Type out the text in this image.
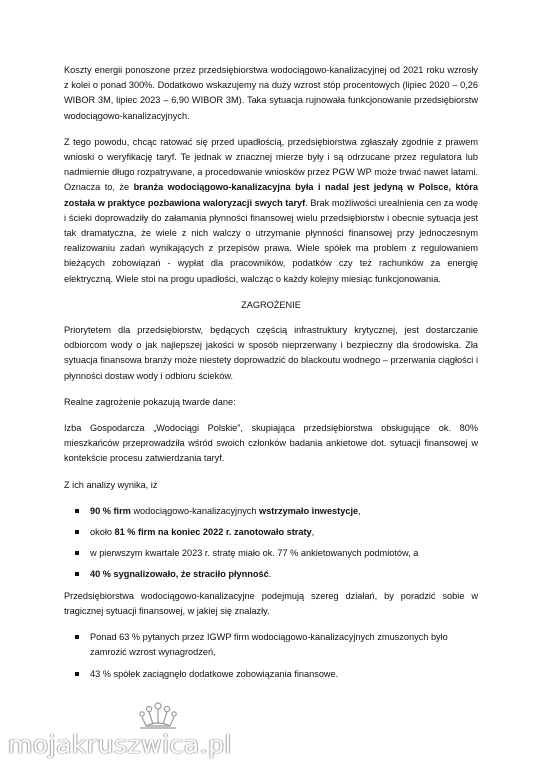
Koszty energii ponoszone przez przedsiębiorstwa wodociągowo-kanalizacyjnej od 2021 roku wzrosły z kolei o ponad 300%. Dodatkowo wskazujemy na duży wzrost stóp procentowych (lipiec 2020 – 0,26 WIBOR 3M, lipiec 2023 – 6,90 WIBOR 3M). Taka sytuacja rujnowała funkcjonowanie przedsiębiorstw wodociągowo-kanalizacyjnych.

Z tego powodu, chcąc ratować się przed upadłością, przedsiębiorstwa zgłaszały zgodnie z prawem wnioski o weryfikację taryf. Te jednak w znacznej mierze były i są odrzucane przez regulatora lub nadmiernie długo rozpatrywane, a procedowanie wniosków przez PGW WP może trwać nawet latami. Oznacza to, że branża wodociągowo-kanalizacyjna była i nadal jest jedyną w Polsce, która została w praktyce pozbawiona waloryzacji swych taryf. Brak możliwości urealnienia cen za wodę i ścieki doprowadziły do załamania płynności finansowej wielu przedsiębiorstw i obecnie sytuacja jest tak dramatyczna, że wiele z nich walczy o utrzymanie płynności finansowej przy jednoczesnym realizowaniu zadań wynikających z przepisów prawa. Wiele spółek ma problem z regulowaniem bieżących zobowiązań - wypłat dla pracowników, podatków czy też rachunków za energię elektryczną. Wiele stoi na progu upadłości, walcząc o każdy kolejny miesiąc funkcjonowania.

ZAGROŻENIE

Priorytetem dla przedsiębiorstw, będących częścią infrastruktury krytycznej, jest dostarczanie odbiorcom wody o jak najlepszej jakości w sposób nieprzerwany i bezpieczny dla środowiska. Zła sytuacja finansowa branży może niestety doprowadzić do blackoutu wodnego – przerwania ciągłości i płynności dostaw wody i odbioru ścieków.

Realne zagrożenie pokazują twarde dane:

Izba Gospodarcza „Wodociągi Polskie”, skupiająca przedsiębiorstwa obsługujące ok. 80% mieszkańców przeprowadziła wśród swoich członków badania ankietowe dot. sytuacji finansowej w kontekście procesu zatwierdzania taryf.

Z ich analizy wynika, iż

90 % firm wodociągowo-kanalizacyjnych wstrzymało inwestycje,
około 81 % firm na koniec 2022 r. zanotowało straty,
w pierwszym kwartale 2023 r. stratę miało ok. 77 % ankietowanych podmiotów, a
40 % sygnalizowało, że straciło płynność.

Przedsiębiorstwa wodociągowo-kanalizacyjne podejmują szereg działań, by poradzić sobie w tragicznej sytuacji finansowej, w jakiej się znalazły.

Ponad 63 % pytanych przez IGWP firm wodociągowo-kanalizacyjnych zmuszonych było zamrozić wzrost wynagrodzeń,
43 % spółek zaciągnęło dodatkowe zobowiązania finansowe.
mojakruszwica.pl
